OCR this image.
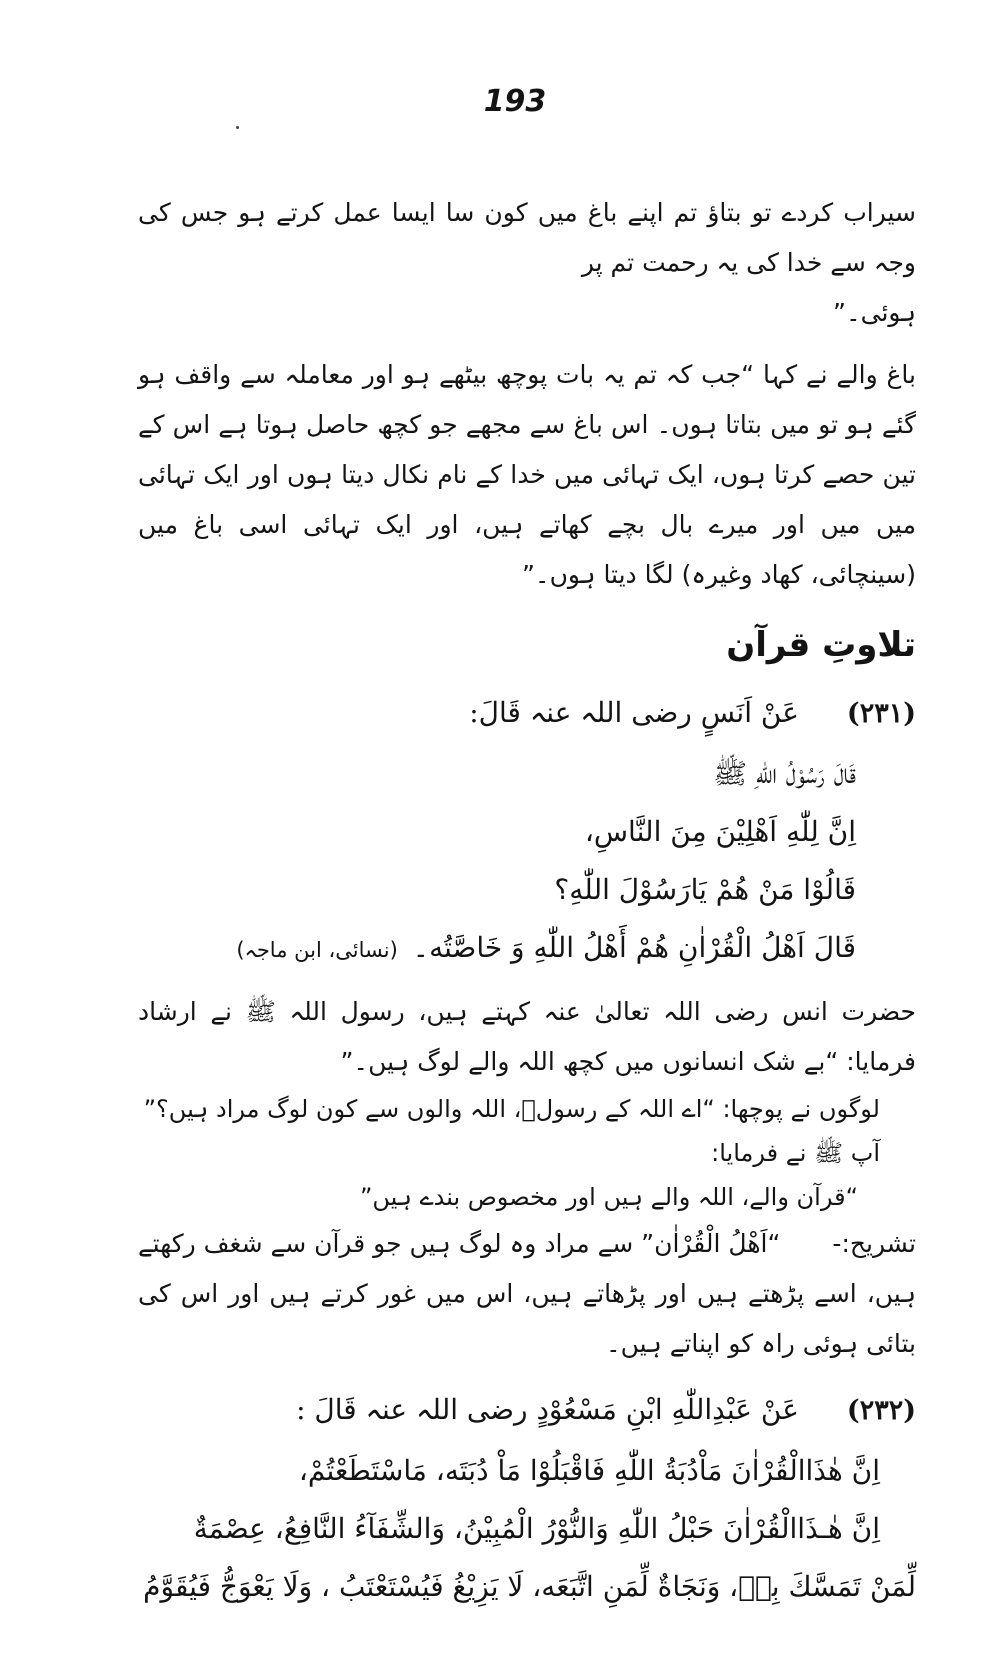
193

سیراب کردے تو بتاؤ تم اپنے باغ میں کون سا ایسا عمل کرتے ہو جس کی وجہ سے خدا کی یہ رحمت تم پر
ہوئی۔”

باغ والے نے کہا “جب کہ تم یہ بات پوچھ بیٹھے ہو اور معاملہ سے واقف ہو گئے ہو تو میں بتاتا ہوں۔ اس باغ سے مجھے جو کچھ حاصل ہوتا ہے اس کے تین حصے کرتا ہوں، ایک تہائی میں خدا کے نام نکال دیتا ہوں اور ایک تہائی میں میں اور میرے بال بچے کھاتے ہیں، اور ایک تہائی اسی باغ میں (سینچائی، کھاد وغیرہ) لگا دیتا ہوں۔”

تلاوتِ قرآن
(۲۳۱)
عَنْ اَنَسٍ رضی اللہ عنہ قَالَ:

قَالَ رَسُوْلُ اللّٰهِ ﷺ

اِنَّ لِلّٰهِ اَهْلِيْنَ مِنَ النَّاسِ،

قَالُوْا مَنْ هُمْ يَارَسُوْلَ اللّٰهِ؟

قَالَ اَهْلُ الْقُرْاٰنِ هُمْ أَهْلُ اللّٰهِ وَ خَاصَّتُه۔ (نسائی، ابن ماجہ)

حضرت انس رضی اللہ تعالیٰ عنہ کہتے ہیں، رسول اللہ ﷺ نے ارشاد فرمایا: “بے شک انسانوں میں کچھ اللہ والے لوگ ہیں۔”

لوگوں نے پوچھا: “اے اللہ کے رسولؐ، اللہ والوں سے کون لوگ مراد ہیں؟”

آپ ﷺ نے فرمایا:

“قرآن والے، اللہ والے ہیں اور مخصوص بندے ہیں”

تشریح:- “اَهْلُ الْقُرْاٰن” سے مراد وہ لوگ ہیں جو قرآن سے شغف رکھتے ہیں، اسے پڑھتے ہیں اور پڑھاتے ہیں، اس میں غور کرتے ہیں اور اس کی بتائی ہوئی راہ کو اپناتے ہیں۔

(۲۳۲)
عَنْ عَبْدِاللّٰهِ ابْنِ مَسْعُوْدٍ رضی اللہ عنہ قَالَ :

اِنَّ هٰذَاالْقُرْاٰنَ مَاْدُبَةُ اللّٰهِ فَاقْبَلُوْا مَاْ دُبَتَه، مَاسْتَطَعْتُمْ،

اِنَّ هٰـذَاالْقُرْاٰنَ حَبْلُ اللّٰهِ وَالنُّوْرُ الْمُبِيْنُ، وَالشِّفَآءُ النَّافِعُ، عِصْمَةٌ

لِّمَنْ تَمَسَّكَ بِهٖ، وَنَجَاةٌ لِّمَنِ اتَّبَعَه، لَا يَزِيْغُ فَيُسْتَعْتَبُ ، وَلَا يَعْوَجُّ فَيُقَوَّمُ
